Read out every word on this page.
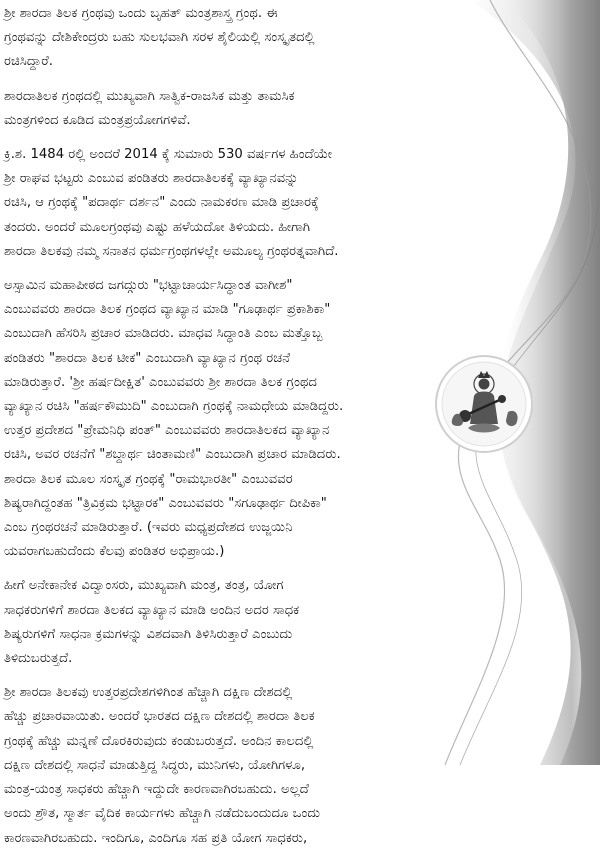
ಶ್ರೀ ಶಾರದಾ ತಿಲಕ ಗ್ರಂಥವು ಒಂದು ಬೃಹತ್ ಮಂತ್ರಶಾಸ್ತ್ರ ಗ್ರಂಥ. ಈ
ಗ್ರಂಥವನ್ನು ದೇಶಿಕೇಂದ್ರರು ಬಹು ಸುಲಭವಾಗಿ ಸರಳ ಶೈಲಿಯಲ್ಲಿ ಸಂಸ್ಕೃತದಲ್ಲಿ
ರಚಿಸಿದ್ದಾರೆ.

ಶಾರದಾತಿಲಕ ಗ್ರಂಥದಲ್ಲಿ ಮುಖ್ಯವಾಗಿ ಸಾತ್ವಿಕ-ರಾಜಸಿಕ ಮತ್ತು ತಾಮಸಿಕ
ಮಂತ್ರಗಳಿಂದ ಕೂಡಿದ ಮಂತ್ರಪ್ರಯೋಗಗಳಿವೆ.

ಕ್ರಿ.ಶ. 1484 ರಲ್ಲಿ ಅಂದರೆ 2014 ಕ್ಕೆ ಸುಮಾರು 530 ವರ್ಷಗಳ ಹಿಂದೆಯೇ
ಶ್ರೀ ರಾಘವ ಭಟ್ಟರು ಎಂಬುವ ಪಂಡಿತರು ಶಾರದಾತಿಲಕಕ್ಕೆ ವ್ಯಾಖ್ಯಾನವನ್ನು
ರಚಿಸಿ, ಆ ಗ್ರಂಥಕ್ಕೆ "ಪದಾರ್ಥ ದರ್ಶನ" ಎಂದು ನಾಮಕರಣ ಮಾಡಿ ಪ್ರಚಾರಕ್ಕೆ
ತಂದರು. ಅಂದರೆ ಮೂಲಗ್ರಂಥವು ಎಷ್ಟು ಹಳೆಯದೋ ತಿಳಿಯದು. ಹೀಗಾಗಿ
ಶಾರದಾ ತಿಲಕವು ನಮ್ಮ ಸನಾತನ ಧರ್ಮಗ್ರಂಥಗಳಲ್ಲೇ ಅಮೂಲ್ಯ ಗ್ರಂಥರತ್ನವಾಗಿದೆ.

ಅಸ್ಸಾಮಿನ ಮಹಾಪೀಠದ ಜಗದ್ಗುರು "ಭಟ್ಟಾಚಾರ್ಯಸಿದ್ಧಾಂತ ವಾಗೀಶ"
ಎಂಬುವವರು ಶಾರದಾ ತಿಲಕ ಗ್ರಂಥದ ವ್ಯಾಖ್ಯಾನ ಮಾಡಿ "ಗೂಢಾರ್ಥ ಪ್ರಕಾಶಿಕಾ"
ಎಂಬುದಾಗಿ ಹೆಸರಿಸಿ ಪ್ರಚಾರ ಮಾಡಿದರು. ಮಾಧವ ಸಿದ್ಧಾಂತಿ ಎಂಬ ಮತ್ತೊಬ್ಬ
ಪಂಡಿತರು "ಶಾರದಾ ತಿಲಕ ಟೀಕ" ಎಂಬುದಾಗಿ ವ್ಯಾಖ್ಯಾನ ಗ್ರಂಥ ರಚನೆ
ಮಾಡಿರುತ್ತಾರೆ. 'ಶ್ರೀ ಹರ್ಷದೀಕ್ಷಿತ' ಎಂಬುವವರು ಶ್ರೀ ಶಾರದಾ ತಿಲಕ ಗ್ರಂಥದ
ವ್ಯಾಖ್ಯಾನ ರಚಿಸಿ "ಹರ್ಷಕೌಮುದಿ" ಎಂಬುದಾಗಿ ಗ್ರಂಥಕ್ಕೆ ನಾಮಧೇಯ ಮಾಡಿದ್ದರು.
ಉತ್ತರ ಪ್ರದೇಶದ "ಪ್ರೇಮನಿಧಿ ಪಂತ್" ಎಂಬುವವರು ಶಾರದಾತಿಲಕದ ವ್ಯಾಖ್ಯಾನ
ರಚಿಸಿ, ಅವರ ರಚನೆಗೆ "ಶಬ್ದಾರ್ಥ ಚಿಂತಾಮಣಿ" ಎಂಬುದಾಗಿ ಪ್ರಚಾರ ಮಾಡಿದರು.
ಶಾರದಾ ತಿಲಕ ಮೂಲ ಸಂಸ್ಕೃತ ಗ್ರಂಥಕ್ಕೆ "ರಾಮಭಾರತೀ" ಎಂಬುವವರ
ಶಿಷ್ಯರಾಗಿದ್ದಂತಹ "ತ್ರಿವಿಕ್ರಮ ಭಟ್ಟಾರಕ" ಎಂಬುವವರು "ಸಗೂಢಾರ್ಥ ದೀಪಿಕಾ"
ಎಂಬ ಗ್ರಂಥರಚನೆ ಮಾಡಿರುತ್ತಾರೆ. (ಇವರು ಮಧ್ಯಪ್ರದೇಶದ ಉಜ್ಜಯಿನಿ
ಯವರಾಗಬಹುದೆಂದು ಕೆಲವು ಪಂಡಿತರ ಅಭಿಪ್ರಾಯ.)

ಹೀಗೆ ಅನೇಕಾನೇಕ ವಿದ್ವಾಂಸರು, ಮುಖ್ಯವಾಗಿ ಮಂತ್ರ, ತಂತ್ರ, ಯೋಗ
ಸಾಧಕರುಗಳಿಗೆ ಶಾರದಾ ತಿಲಕದ ವ್ಯಾಖ್ಯಾನ ಮಾಡಿ ಅಂದಿನ ಅದರ ಸಾಧಕ
ಶಿಷ್ಯರುಗಳಿಗೆ ಸಾಧನಾ ಕ್ರಮಗಳನ್ನು ವಿಶದವಾಗಿ ತಿಳಿಸಿರುತ್ತಾರೆ ಎಂಬುದು
ತಿಳಿದುಬರುತ್ತದೆ.

ಶ್ರೀ ಶಾರದಾ ತಿಲಕವು ಉತ್ತರಪ್ರದೇಶಗಳಿಗಿಂತ ಹೆಚ್ಚಾಗಿ ದಕ್ಷಿಣ ದೇಶದಲ್ಲಿ
ಹೆಚ್ಚು ಪ್ರಚಾರವಾಯಿತು. ಅಂದರೆ ಭಾರತದ ದಕ್ಷಿಣ ದೇಶದಲ್ಲಿ ಶಾರದಾ ತಿಲಕ
ಗ್ರಂಥಕ್ಕೆ ಹೆಚ್ಚು ಮನ್ನಣೆ ದೊರಕಿರುವುದು ಕಂಡುಬರುತ್ತದೆ. ಅಂದಿನ ಕಾಲದಲ್ಲಿ
ದಕ್ಷಿಣ ದೇಶದಲ್ಲಿ ಸಾಧನೆ ಮಾಡುತ್ತಿದ್ದ ಸಿದ್ಧರು, ಮುನಿಗಳು, ಯೋಗಿಗಳೂ,
ಮಂತ್ರ-ಯಂತ್ರ ಸಾಧಕರು ಹೆಚ್ಚಾಗಿ ಇದ್ದುದೇ ಕಾರಣವಾಗಿರಬಹುದು. ಅಲ್ಲದೆ
ಅಂದು ಶ್ರೌತ, ಸ್ಮಾರ್ತ ವೈದಿಕ ಕಾರ್ಯಗಳು ಹೆಚ್ಚಾಗಿ ನಡೆದುಬಂದುದೂ ಒಂದು
ಕಾರಣವಾಗಿರಬಹುದು. ಇಂದಿಗೂ, ಎಂದಿಗೂ ಸಹ ಪ್ರತಿ ಯೋಗ ಸಾಧಕರು,
